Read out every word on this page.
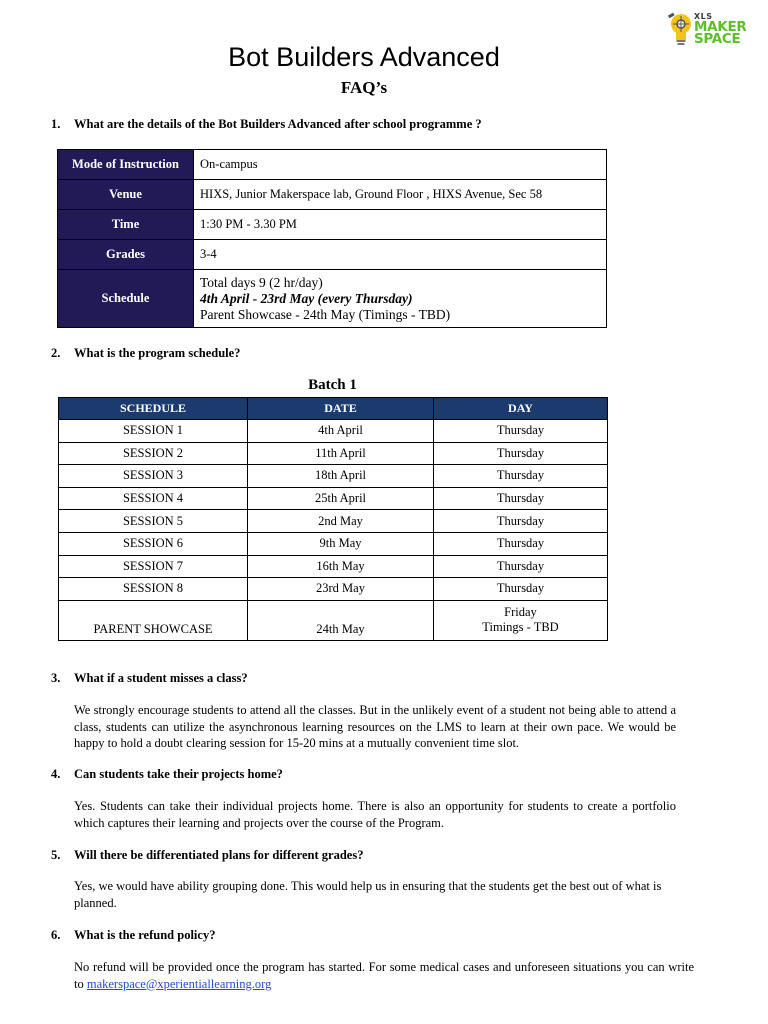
XLS
MAKER
SPACE
Bot Builders Advanced
FAQ’s
1. What are the details of the Bot Builders Advanced after school programme ?
Mode of Instruction	On-campus
Venue	HIXS, Junior Makerspace lab, Ground Floor , HIXS Avenue, Sec 58
Time	1:30 PM - 3.30 PM
Grades	3-4
Schedule	Total days 9 (2 hr/day)
4th April - 23rd May (every Thursday)
Parent Showcase - 24th May (Timings - TBD)
2. What is the program schedule?
Batch 1
SCHEDULE	DATE	DAY
SESSION 1	4th April	Thursday
SESSION 2	11th April	Thursday
SESSION 3	18th April	Thursday
SESSION 4	25th April	Thursday
SESSION 5	2nd May	Thursday
SESSION 6	9th May	Thursday
SESSION 7	16th May	Thursday
SESSION 8	23rd May	Thursday
PARENT SHOWCASE	24th May	Friday
Timings - TBD
3. What if a student misses a class?
We strongly encourage students to attend all the classes. But in the unlikely event of a student not being able to attend a class, students can utilize the asynchronous learning resources on the LMS to learn at their own pace. We would be happy to hold a doubt clearing session for 15-20 mins at a mutually convenient time slot.
4. Can students take their projects home?
Yes. Students can take their individual projects home. There is also an opportunity for students to create a portfolio which captures their learning and projects over the course of the Program.
5. Will there be differentiated plans for different grades?
Yes, we would have ability grouping done. This would help us in ensuring that the students get the best out of what is planned.
6. What is the refund policy?
No refund will be provided once the program has started. For some medical cases and unforeseen situations you can write to makerspace@xperientiallearning.org
